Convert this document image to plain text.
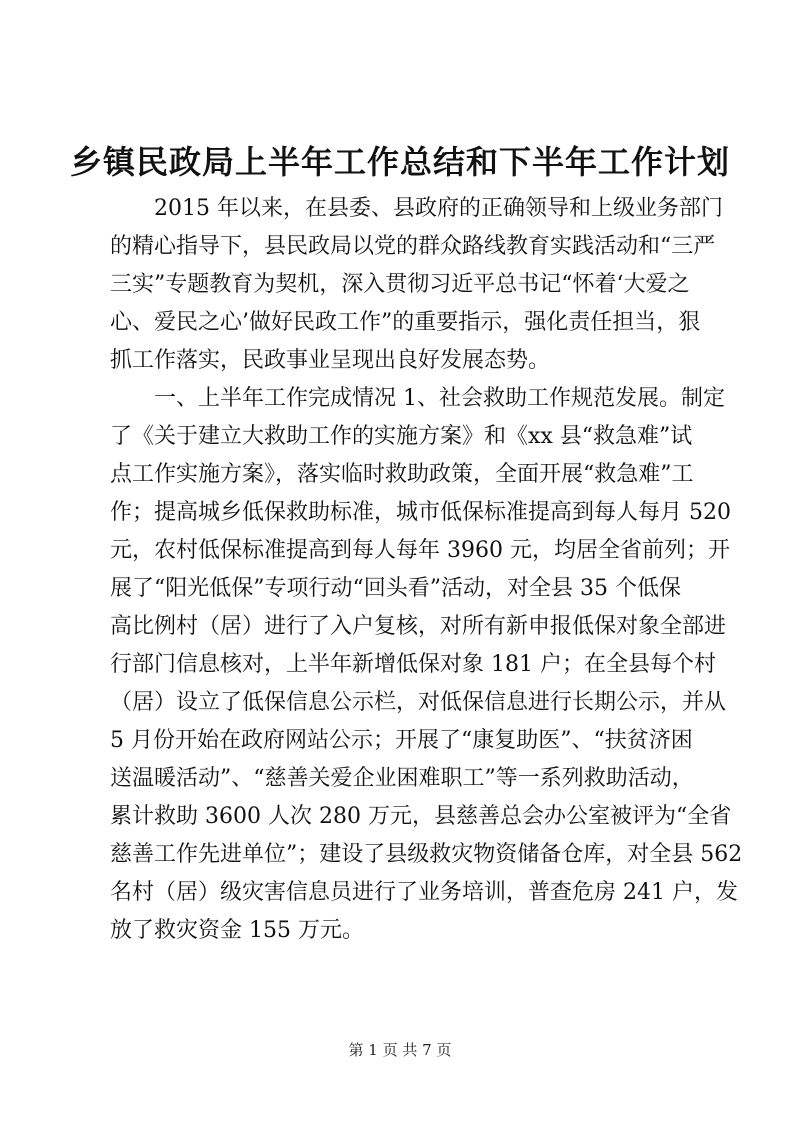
乡镇民政局上半年工作总结和下半年工作计划
2015 年以来，在县委、县政府的正确领导和上级业务部门
的精心指导下，县民政局以党的群众路线教育实践活动和“三严
三实”专题教育为契机，深入贯彻习近平总书记“怀着‘大爱之
心、爱民之心’做好民政工作”的重要指示，强化责任担当，狠
抓工作落实，民政事业呈现出良好发展态势。
一、上半年工作完成情况 1、社会救助工作规范发展。制定
了《关于建立大救助工作的实施方案》和《xx 县“救急难”试
点工作实施方案》，落实临时救助政策，全面开展“救急难”工
作；提高城乡低保救助标准，城市低保标准提高到每人每月 520
元，农村低保标准提高到每人每年 3960 元，均居全省前列；开
展了“阳光低保”专项行动“回头看”活动，对全县 35 个低保
高比例村（居）进行了入户复核，对所有新申报低保对象全部进
行部门信息核对，上半年新增低保对象 181 户；在全县每个村
（居）设立了低保信息公示栏，对低保信息进行长期公示，并从
5 月份开始在政府网站公示；开展了“康复助医”、“扶贫济困
送温暖活动”、“慈善关爱企业困难职工”等一系列救助活动，
累计救助 3600 人次 280 万元，县慈善总会办公室被评为“全省
慈善工作先进单位”；建设了县级救灾物资储备仓库，对全县 562
名村（居）级灾害信息员进行了业务培训，普查危房 241 户，发
放了救灾资金 155 万元。
第 1 页 共 7 页
